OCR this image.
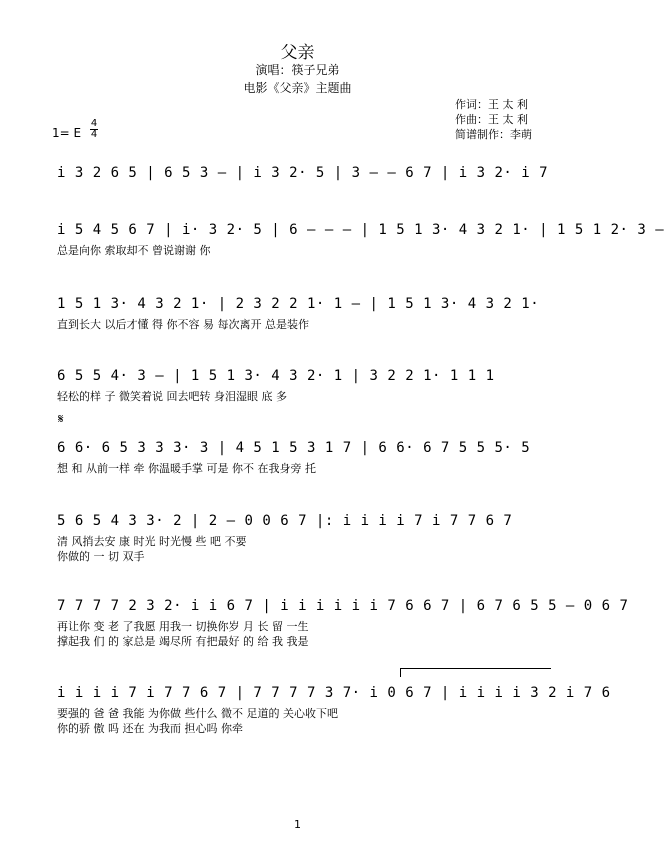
父亲
演唱：筷子兄弟
电影《父亲》主题曲
作词：王 太 利
作曲：王 太 利
简谱制作：李萌
1= E
4
4
i 3 2 6 5 | 6 5 3 – | i 3 2· 5 | 3 – – 6 7 | i 3 2· i 7
i 5 4 5 6 7 | i· 3 2· 5 | 6 – – – | 1 5 1 3· 4 3 2 1· | 1 5 1 2· 3 –
总是向你 索取却不 曾说谢谢 你
1 5 1 3· 4 3 2 1· | 2 3 2 2 1· 1 – | 1 5 1 3· 4 3 2 1·
直到长大 以后才懂 得 你不容 易 每次离开 总是装作
6 5 5 4· 3 – | 1 5 1 3· 4 3 2· 1 | 3 2 2 1· 1 1 1
轻松的样 子 微笑着说 回去吧转 身泪湿眼 底 多
𝄋
6 6· 6 5 3 3 3· 3 | 4 5 1 5 3 1 7 | 6 6· 6 7 5 5 5· 5
想 和 从前一样 牵 你温暖手掌 可是 你不 在我身旁 托
5 6 5 4 3 3· 2 | 2 – 0 0 6 7 |: i i i i 7 i 7 7 6 7
清 风捎去安 康 时光 时光慢 些 吧 不要
你做的 一 切 双手
7 7 7 7 2 3 2· i i 6 7 | i i i i i i 7 6 6 7 | 6 7 6 5 5 – 0 6 7
再让你 变 老 了我愿 用我一 切换你岁 月 长 留 一生
撑起我 们 的 家总是 竭尽所 有把最好 的 给 我 我是
i i i i 7 i 7 7 6 7 | 7 7 7 7 3 7· i 0 6 7 | i i i i 3 2 i 7 6
要强的 爸 爸 我能 为你做 些什么 微不 足道的 关心收下吧
你的骄 傲 吗 还在 为我而 担心吗 你牵
1
